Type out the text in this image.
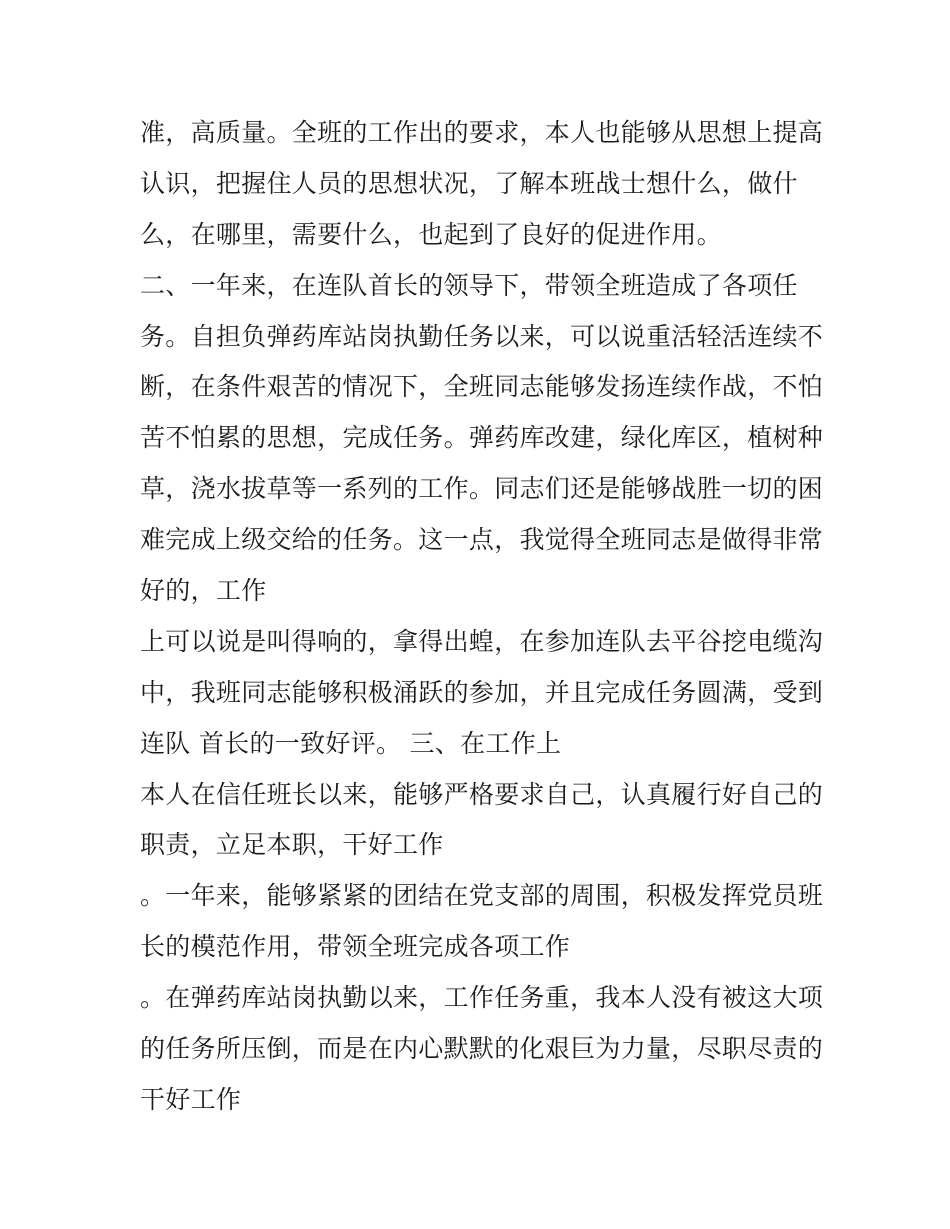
准，高质量。全班的工作出的要求，本人也能够从思想上提高
认识，把握住人员的思想状况，了解本班战士想什么，做什
么，在哪里，需要什么，也起到了良好的促进作用。
二、一年来，在连队首长的领导下，带领全班造成了各项任
务。自担负弹药库站岗执勤任务以来，可以说重活轻活连续不
断，在条件艰苦的情况下，全班同志能够发扬连续作战，不怕
苦不怕累的思想，完成任务。弹药库改建，绿化库区，植树种
草，浇水拔草等一系列的工作。同志们还是能够战胜一切的困
难完成上级交给的任务。这一点，我觉得全班同志是做得非常
好的，工作
上可以说是叫得响的，拿得出蝗，在参加连队去平谷挖电缆沟
中，我班同志能够积极涌跃的参加，并且完成任务圆满，受到
连队 首长的一致好评。 三、在工作上
本人在信任班长以来，能够严格要求自己，认真履行好自己的
职责，立足本职，干好工作
。一年来，能够紧紧的团结在党支部的周围，积极发挥党员班
长的模范作用，带领全班完成各项工作
。在弹药库站岗执勤以来，工作任务重，我本人没有被这大项
的任务所压倒，而是在内心默默的化艰巨为力量，尽职尽责的
干好工作
